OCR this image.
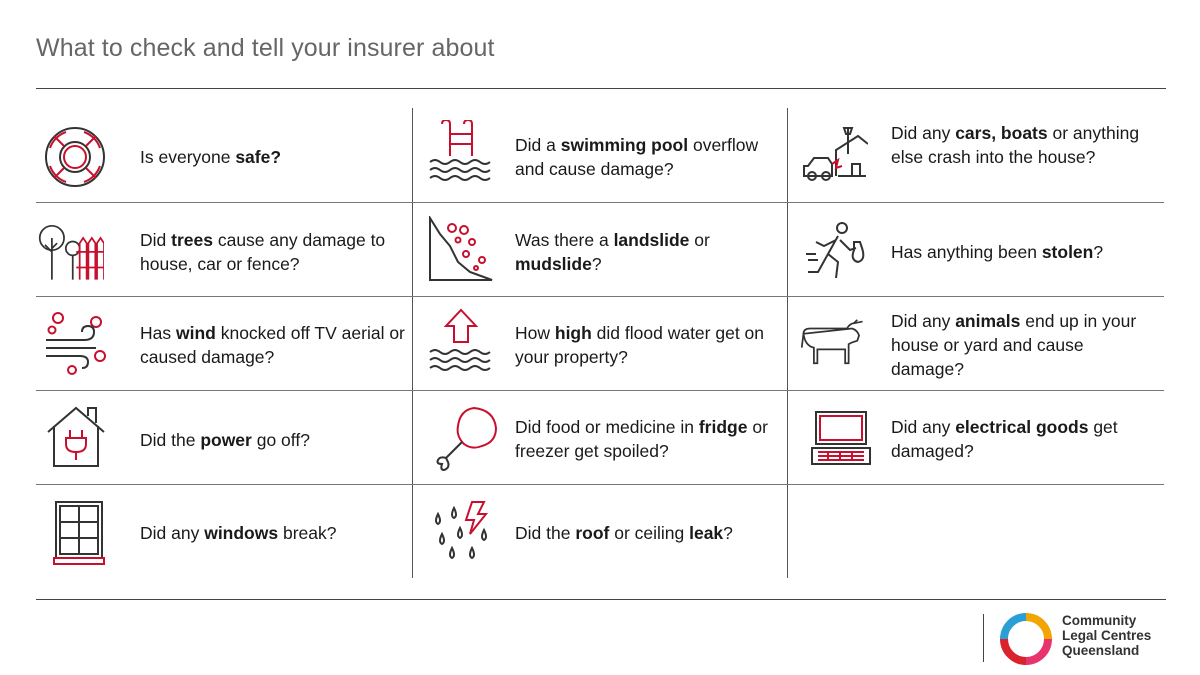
What to check and tell your insurer about
Is everyone safe?
Did a swimming pool overflow and cause damage?
Did any cars, boats or anything else crash into the house?
Did trees cause any damage to house, car or fence?
Was there a landslide or mudslide?
Has anything been stolen?
Has wind knocked off TV aerial or caused damage?
How high did flood water get on your property?
Did any animals end up in your house or yard and cause damage?
Did the power go off?
Did food or medicine in fridge or freezer get spoiled?
Did any electrical goods get damaged?
Did any windows break?	Did the roof or ceiling leak?
Community
Legal Centres
Queensland
